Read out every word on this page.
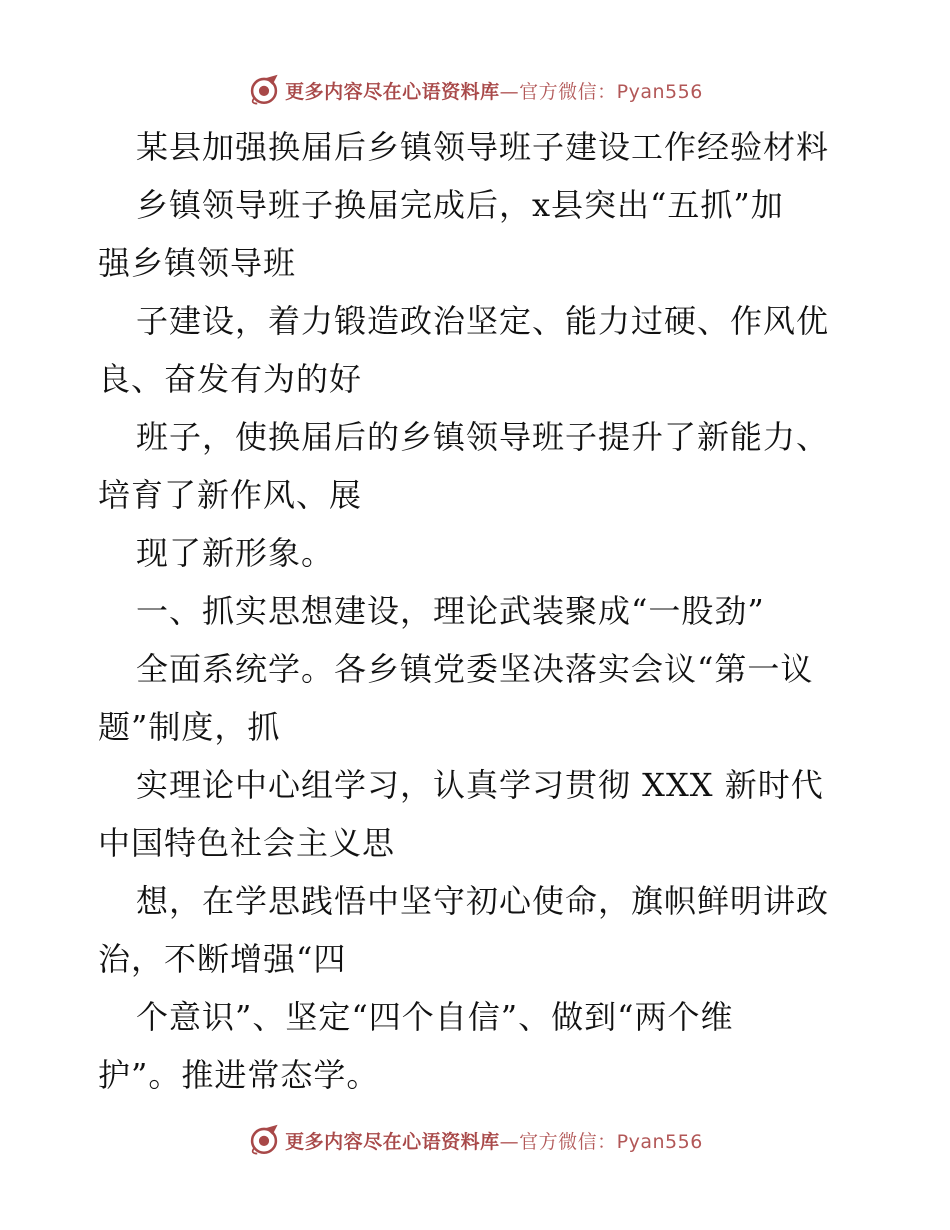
更多内容尽在心语资料库—官方微信：Pyan556
某县加强换届后乡镇领导班子建设工作经验材料
乡镇领导班子换届完成后，x县突出“五抓”加
强乡镇领导班
子建设，着力锻造政治坚定、能力过硬、作风优
良、奋发有为的好
班子，使换届后的乡镇领导班子提升了新能力、
培育了新作风、展
现了新形象。
一、抓实思想建设，理论武装聚成“一股劲”
全面系统学。各乡镇党委坚决落实会议“第一议
题”制度，抓
实理论中心组学习，认真学习贯彻 XXX 新时代
中国特色社会主义思
想，在学思践悟中坚守初心使命，旗帜鲜明讲政
治，不断增强“四
个意识”、坚定“四个自信”、做到“两个维
护”。推进常态学。
更多内容尽在心语资料库—官方微信：Pyan556
